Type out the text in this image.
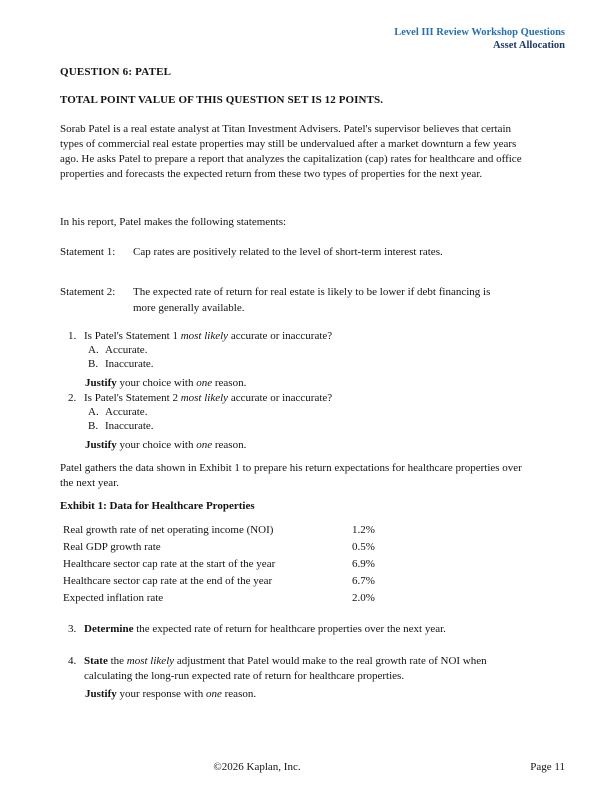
Level III Review Workshop Questions
Asset Allocation
QUESTION 6: PATEL
TOTAL POINT VALUE OF THIS QUESTION SET IS 12 POINTS.
Sorab Patel is a real estate analyst at Titan Investment Advisers. Patel's supervisor believes that certain types of commercial real estate properties may still be undervalued after a market downturn a few years ago. He asks Patel to prepare a report that analyzes the capitalization (cap) rates for healthcare and office properties and forecasts the expected return from these two types of properties for the next year.
In his report, Patel makes the following statements:
Statement 1:	Cap rates are positively related to the level of short-term interest rates.
Statement 2:	The expected rate of return for real estate is likely to be lower if debt financing is more generally available.
1. Is Patel's Statement 1 most likely accurate or inaccurate?
A. Accurate.
B. Inaccurate.
Justify your choice with one reason.
2. Is Patel's Statement 2 most likely accurate or inaccurate?
A. Accurate.
B. Inaccurate.
Justify your choice with one reason.
Patel gathers the data shown in Exhibit 1 to prepare his return expectations for healthcare properties over the next year.
Exhibit 1: Data for Healthcare Properties
Real growth rate of net operating income (NOI)	1.2%
Real GDP growth rate	0.5%
Healthcare sector cap rate at the start of the year	6.9%
Healthcare sector cap rate at the end of the year	6.7%
Expected inflation rate	2.0%
3. Determine the expected rate of return for healthcare properties over the next year.
4. State the most likely adjustment that Patel would make to the real growth rate of NOI when calculating the long-run expected rate of return for healthcare properties.
Justify your response with one reason.
©2026 Kaplan, Inc.	Page 11
